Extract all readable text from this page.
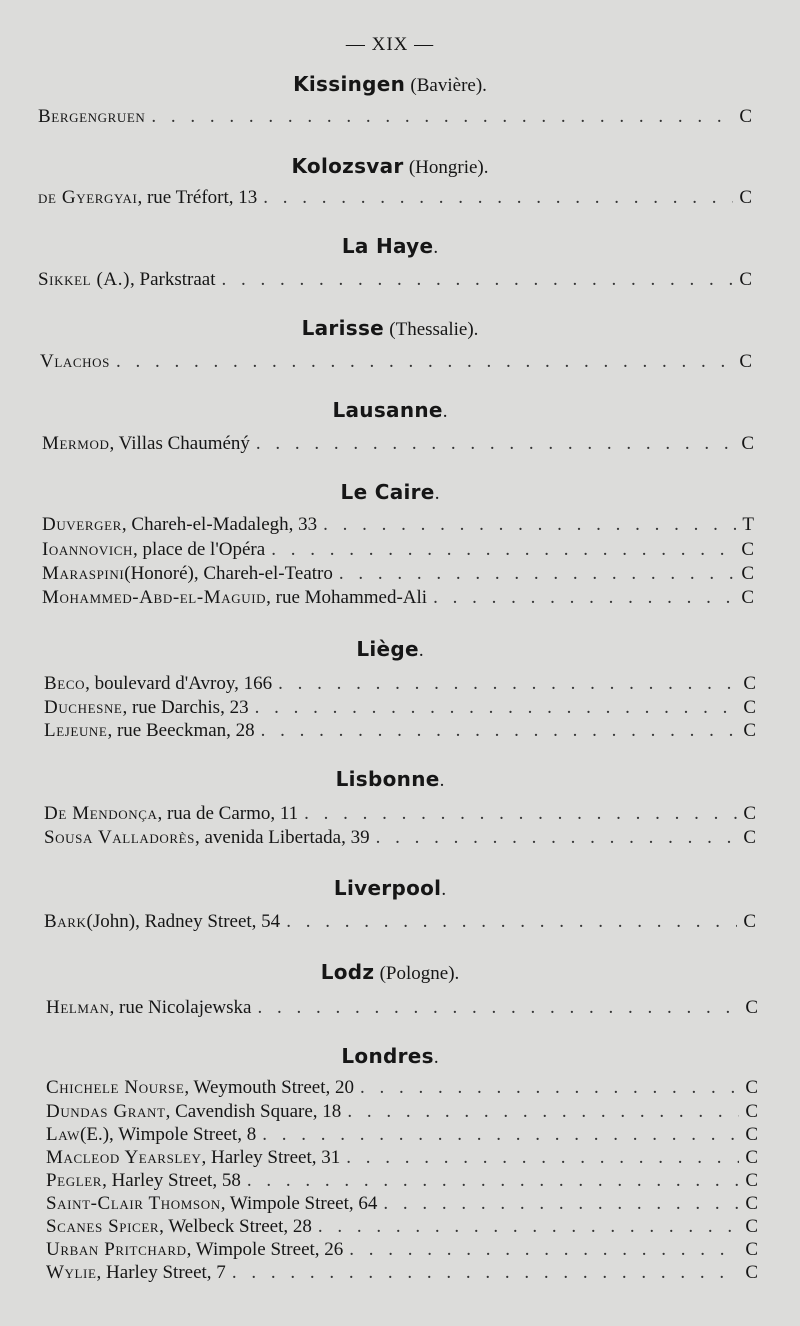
— XIX —
Kissingen (Bavière).
Bergengruen . . .	C
Kolozsvar (Hongrie).
de Gyergyai , rue Tréfort, 13 . . .	C
La Haye.
Sikkel (A.) , Parkstraat . . .	C
Larisse (Thessalie).
Vlachos . . .	C
Lausanne.
Mermod , Villas Chauméný . . .	C
Le Caire.
Duverger , Chareh-el-Madalegh, 33 . . .	T
Ioannovich , place de l'Opéra . . .	C
Maraspini (Honoré), Chareh-el-Teatro . . .	C
Mohammed-Abd-el-Maguid , rue Mohammed-Ali . . .	C
Liège.
Beco , boulevard d'Avroy, 166 . . .	C
Duchesne , rue Darchis, 23 . . .	C
Lejeune , rue Beeckman, 28 . . .	C
Lisbonne.
De Mendonça , rua de Carmo, 11 . . .	C
Sousa Valladorès , avenida Libertada, 39 . . .	C
Liverpool.
Bark (John), Radney Street, 54 . . .	C
Lodz (Pologne).
Helman , rue Nicolajewska . . .	C
Londres.
Chichele Nourse , Weymouth Street, 20 . . .	C
Dundas Grant , Cavendish Square, 18 . . .	C
Law (E.), Wimpole Street, 8 . . .	C
Macleod Yearsley , Harley Street, 31 . . .	C
Pegler , Harley Street, 58 . . .	C
Saint-Clair Thomson , Wimpole Street, 64 . . .	C
Scanes Spicer , Welbeck Street, 28 . . .	C
Urban Pritchard , Wimpole Street, 26 . . .	C
Wylie , Harley Street, 7 . . .	C
